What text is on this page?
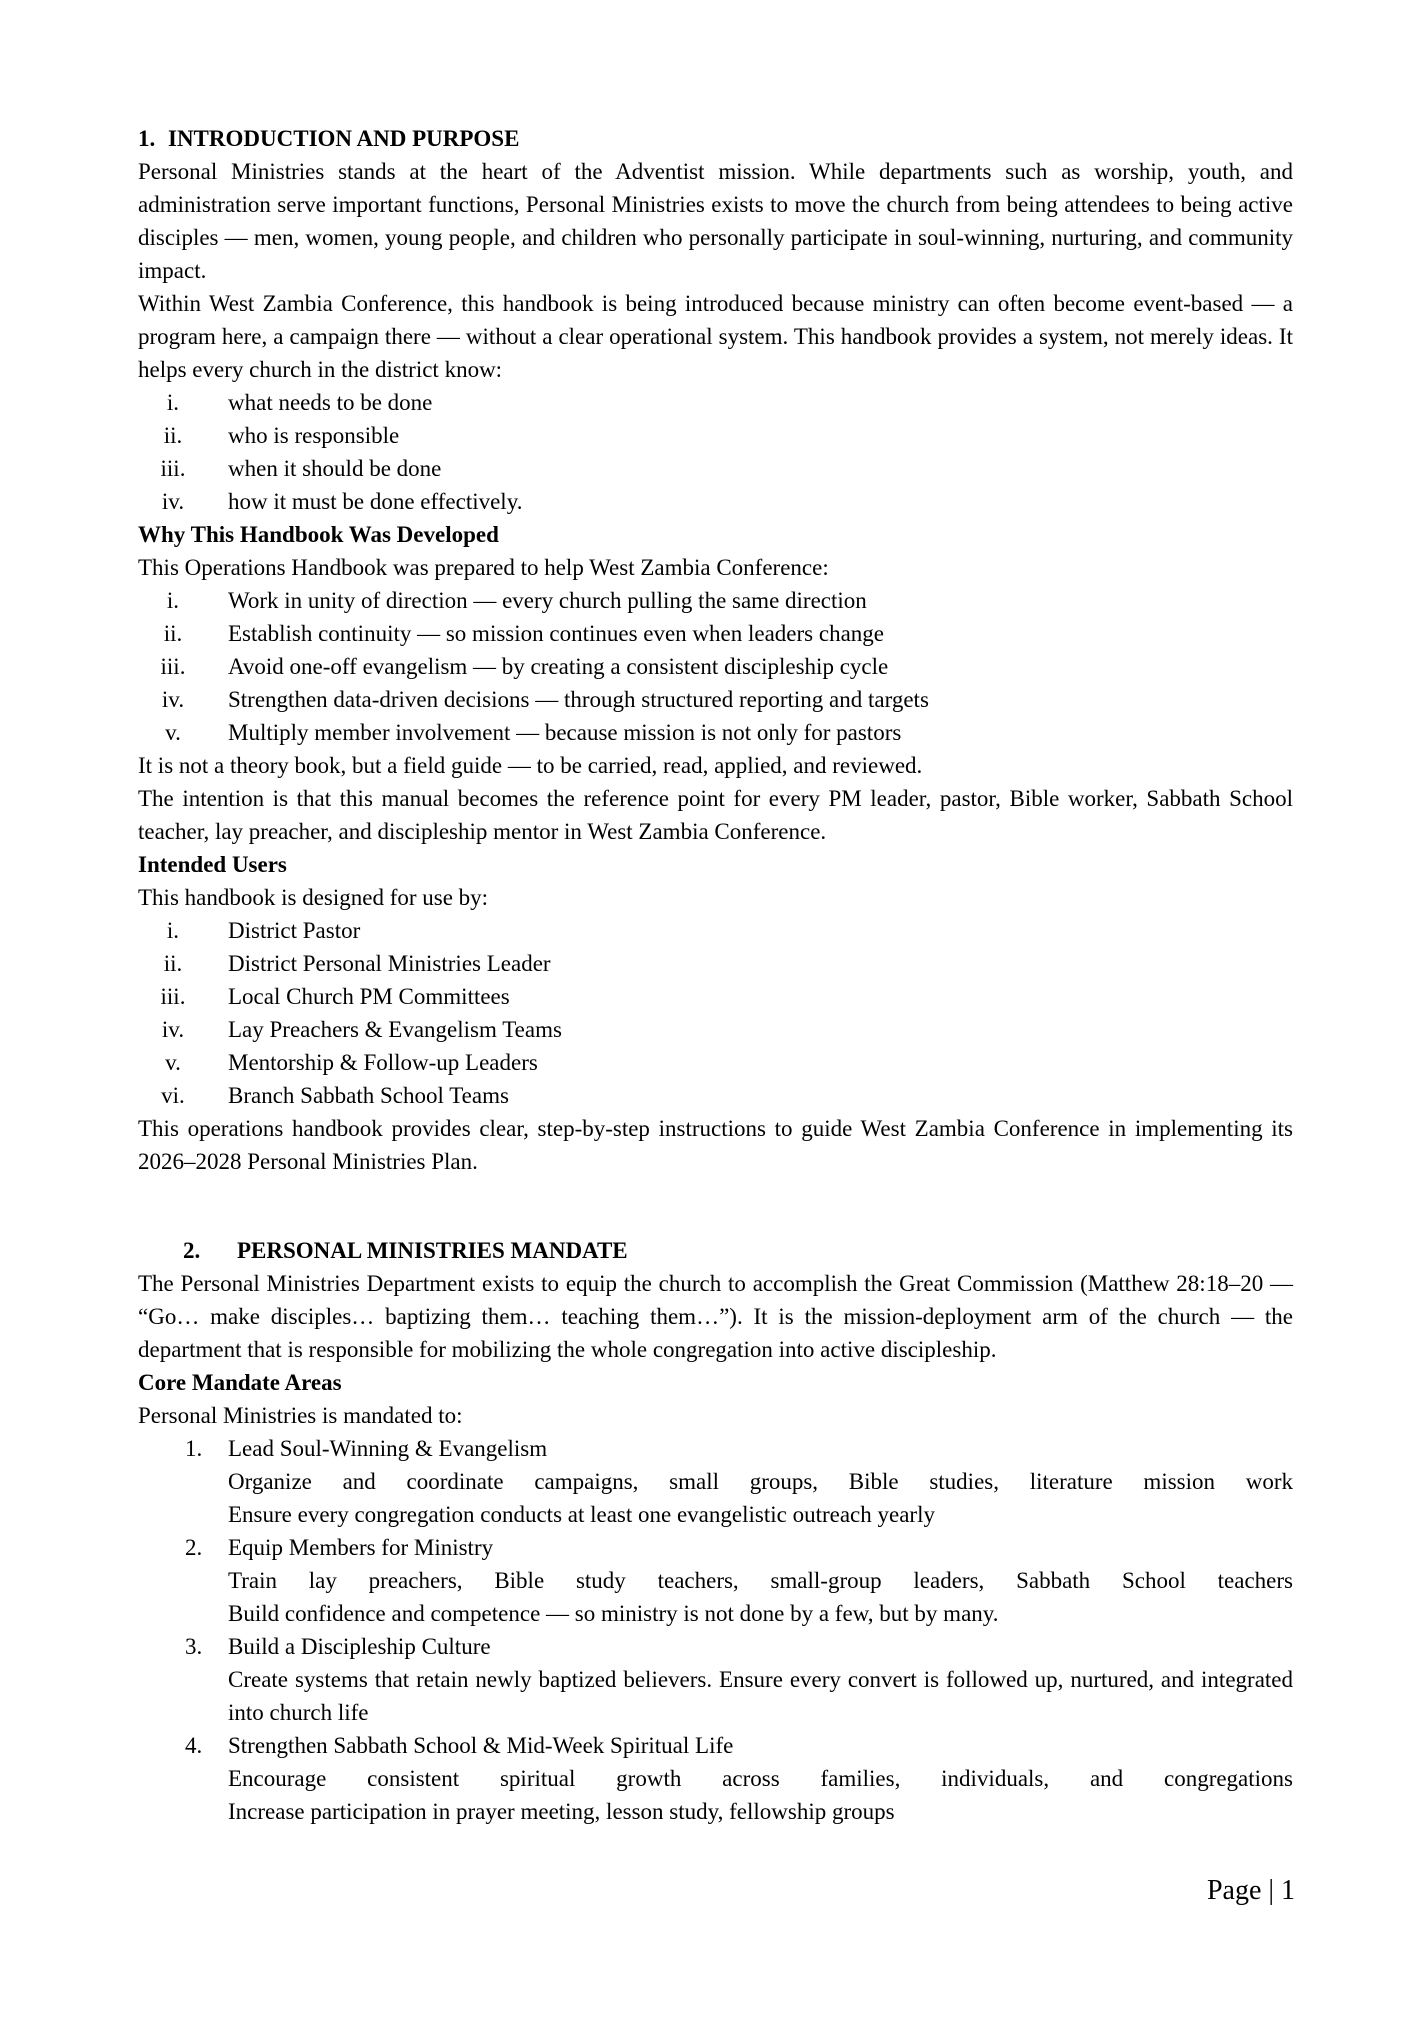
1. INTRODUCTION AND PURPOSE

Personal Ministries stands at the heart of the Adventist mission. While departments such as worship, youth, and administration serve important functions, Personal Ministries exists to move the church from being attendees to being active disciples — men, women, young people, and children who personally participate in soul-winning, nurturing, and community impact.

Within West Zambia Conference, this handbook is being introduced because ministry can often become event-based — a program here, a campaign there — without a clear operational system. This handbook provides a system, not merely ideas. It helps every church in the district know:

i.	what needs to be done
ii.	who is responsible
iii.	when it should be done
iv.	how it must be done effectively.
Why This Handbook Was Developed
This Operations Handbook was prepared to help West Zambia Conference:
i.	Work in unity of direction — every church pulling the same direction
ii.	Establish continuity — so mission continues even when leaders change
iii.	Avoid one-off evangelism — by creating a consistent discipleship cycle
iv.	Strengthen data-driven decisions — through structured reporting and targets
v.	Multiply member involvement — because mission is not only for pastors
It is not a theory book, but a field guide — to be carried, read, applied, and reviewed.

The intention is that this manual becomes the reference point for every PM leader, pastor, Bible worker, Sabbath School teacher, lay preacher, and discipleship mentor in West Zambia Conference.

Intended Users
This handbook is designed for use by:
i.	District Pastor
ii.	District Personal Ministries Leader
iii.	Local Church PM Committees
iv.	Lay Preachers & Evangelism Teams
v.	Mentorship & Follow-up Leaders
vi.	Branch Sabbath School Teams

This operations handbook provides clear, step-by-step instructions to guide West Zambia Conference in implementing its 2026–2028 Personal Ministries Plan.

2.	PERSONAL MINISTRIES MANDATE

The Personal Ministries Department exists to equip the church to accomplish the Great Commission (Matthew 28:18–20 — “Go… make disciples… baptizing them… teaching them…”). It is the mission-deployment arm of the church — the department that is responsible for mobilizing the whole congregation into active discipleship.

Core Mandate Areas
Personal Ministries is mandated to:
1.	Lead Soul-Winning & Evangelism
Organize and coordinate campaigns, small groups, Bible studies, literature mission work
Ensure every congregation conducts at least one evangelistic outreach yearly
2.	Equip Members for Ministry
Train lay preachers, Bible study teachers, small-group leaders, Sabbath School teachers
Build confidence and competence — so ministry is not done by a few, but by many.
3.	Build a Discipleship Culture
Create systems that retain newly baptized believers. Ensure every convert is followed up, nurtured, and integrated into church life
4.	Strengthen Sabbath School & Mid-Week Spiritual Life
Encourage consistent spiritual growth across families, individuals, and congregations
Increase participation in prayer meeting, lesson study, fellowship groups
Page | 1
